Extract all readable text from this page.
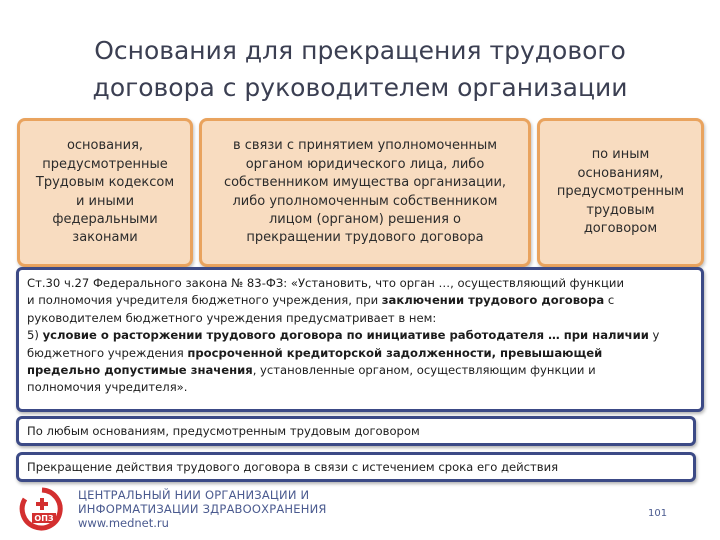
Основания для прекращения трудового
договора с руководителем организации
основания,
предусмотренные
Трудовым кодексом
и иными
федеральными
законами
в связи с принятием уполномоченным
органом юридического лица, либо
собственником имущества организации,
либо уполномоченным собственником
лицом (органом) решения о
прекращении трудового договора
по иным
основаниям,
предусмотренным
трудовым
договором
Ст.30 ч.27 Федерального закона № 83-ФЗ: «Установить, что орган …, осуществляющий функции
и полномочия учредителя бюджетного учреждения, при заключении трудового договора с
руководителем бюджетного учреждения предусматривает в нем:
5) условие о расторжении трудового договора по инициативе работодателя … при наличии у
бюджетного учреждения просроченной кредиторской задолженности, превышающей
предельно допустимые значения, установленные органом, осуществляющим функции и
полномочия учредителя».
По любым основаниям, предусмотренным трудовым договором
Прекращение действия трудового договора в связи с истечением срока его действия
ОПЗ
ЦЕНТРАЛЬНЫЙ НИИ ОРГАНИЗАЦИИ И
ИНФОРМАТИЗАЦИИ ЗДРАВООХРАНЕНИЯ
www.mednet.ru
101
